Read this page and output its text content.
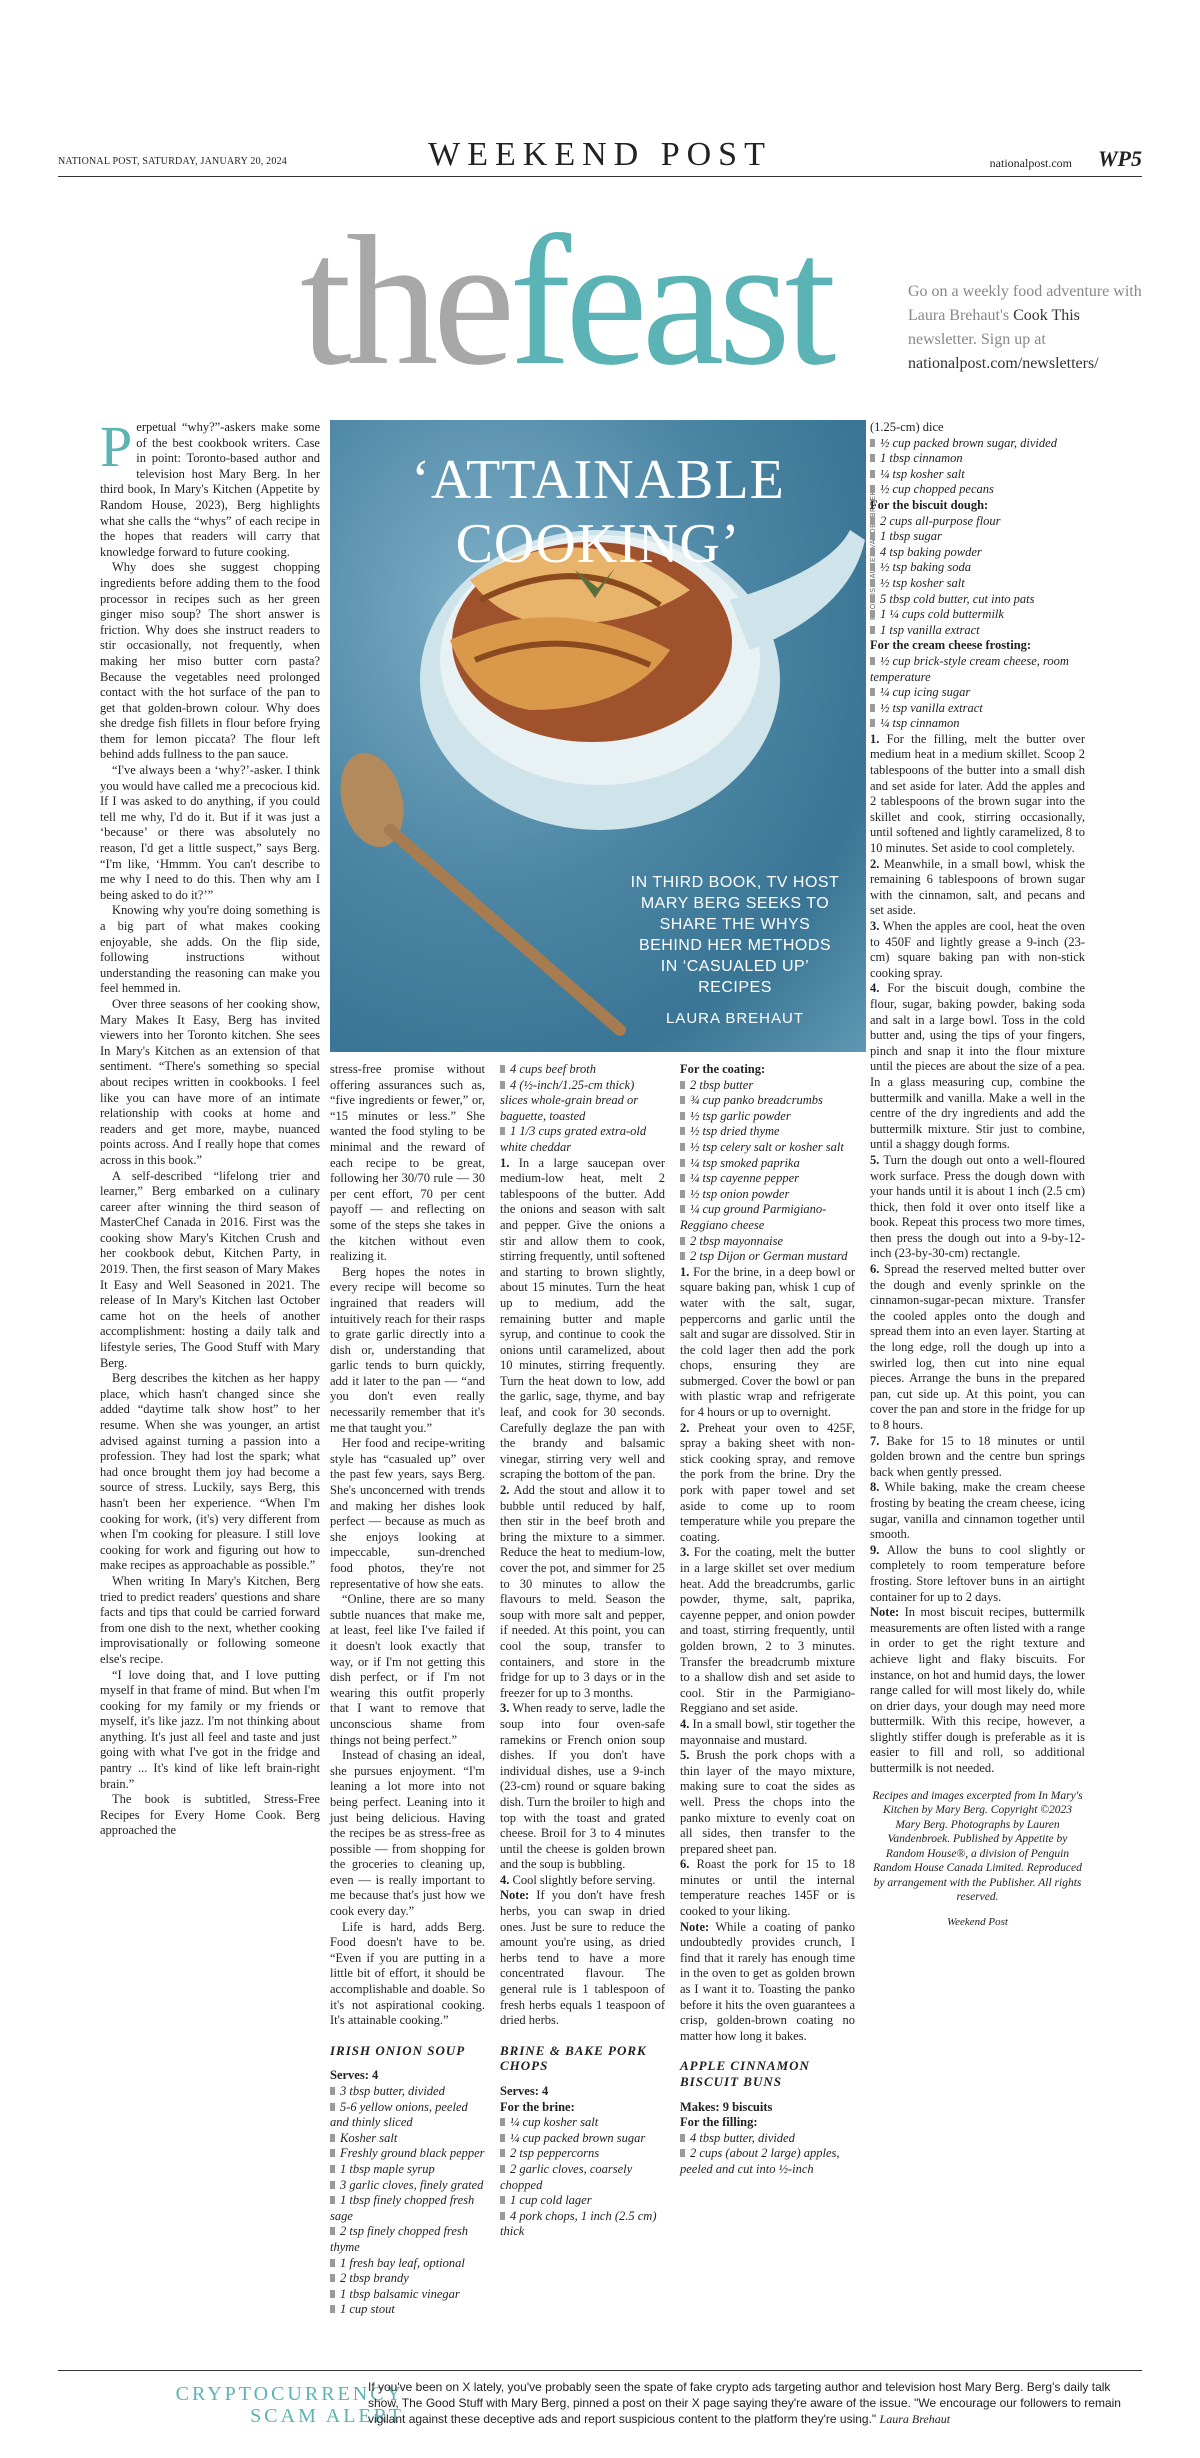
NATIONAL POST, SATURDAY, JANUARY 20, 2024	WEEKEND POST	nationalpost.com WP5
thefeast	Go on a weekly food adventure with Laura Brehaut's Cook This newsletter. Sign up at nationalpost.com/newsletters/
‘ATTAINABLE COOKING’
IN THIRD BOOK, TV HOST MARY BERG SEEKS TO SHARE THE WHYS BEHIND HER METHODS IN ‘CASUALED UP’ RECIPES
LAURA BREHAUT
PHOTOS: LAUREN VANDENBROEK

Perpetual “why?”-askers make some of the best cookbook writers. Case in point: Toronto-based author and television host Mary Berg. In her third book, In Mary's Kitchen (Appetite by Random House, 2023), Berg highlights what she calls the “whys” of each recipe in the hopes that readers will carry that knowledge forward to future cooking.

Why does she suggest chopping ingredients before adding them to the food processor in recipes such as her green ginger miso soup? The short answer is friction. Why does she instruct readers to stir occasionally, not frequently, when making her miso butter corn pasta? Because the vegetables need prolonged contact with the hot surface of the pan to get that golden-brown colour. Why does she dredge fish fillets in flour before frying them for lemon piccata? The flour left behind adds fullness to the pan sauce.

“I've always been a ‘why?’-asker. I think you would have called me a precocious kid. If I was asked to do anything, if you could tell me why, I'd do it. But if it was just a ‘because’ or there was absolutely no reason, I'd get a little suspect,” says Berg. “I'm like, ‘Hmmm. You can't describe to me why I need to do this. Then why am I being asked to do it?’”

Knowing why you're doing something is a big part of what makes cooking enjoyable, she adds. On the flip side, following instructions without understanding the reasoning can make you feel hemmed in.

Over three seasons of her cooking show, Mary Makes It Easy, Berg has invited viewers into her Toronto kitchen. She sees In Mary's Kitchen as an extension of that sentiment. “There's something so special about recipes written in cookbooks. I feel like you can have more of an intimate relationship with cooks at home and readers and get more, maybe, nuanced points across. And I really hope that comes across in this book.”

A self-described “lifelong trier and learner,” Berg embarked on a culinary career after winning the third season of MasterChef Canada in 2016. First was the cooking show Mary's Kitchen Crush and her cookbook debut, Kitchen Party, in 2019. Then, the first season of Mary Makes It Easy and Well Seasoned in 2021. The release of In Mary's Kitchen last October came hot on the heels of another accomplishment: hosting a daily talk and lifestyle series, The Good Stuff with Mary Berg.

Berg describes the kitchen as her happy place, which hasn't changed since she added “daytime talk show host” to her resume. When she was younger, an artist advised against turning a passion into a profession. They had lost the spark; what had once brought them joy had become a source of stress. Luckily, says Berg, this hasn't been her experience. “When I'm cooking for work, (it's) very different from when I'm cooking for pleasure. I still love cooking for work and figuring out how to make recipes as approachable as possible.”

When writing In Mary's Kitchen, Berg tried to predict readers' questions and share facts and tips that could be carried forward from one dish to the next, whether cooking improvisationally or following someone else's recipe.

“I love doing that, and I love putting myself in that frame of mind. But when I'm cooking for my family or my friends or myself, it's like jazz. I'm not thinking about anything. It's just all feel and taste and just going with what I've got in the fridge and pantry ... It's kind of like left brain-right brain.”

The book is subtitled, Stress-Free Recipes for Every Home Cook. Berg approached the

stress-free promise without offering assurances such as, “five ingredients or fewer,” or, “15 minutes or less.” She wanted the food styling to be minimal and the reward of each recipe to be great, following her 30/70 rule — 30 per cent effort, 70 per cent payoff — and reflecting on some of the steps she takes in the kitchen without even realizing it.

Berg hopes the notes in every recipe will become so ingrained that readers will intuitively reach for their rasps to grate garlic directly into a dish or, understanding that garlic tends to burn quickly, add it later to the pan — “and you don't even really necessarily remember that it's me that taught you.”

Her food and recipe-writing style has “casualed up” over the past few years, says Berg. She's unconcerned with trends and making her dishes look perfect — because as much as she enjoys looking at impeccable, sun-drenched food photos, they're not representative of how she eats.

“Online, there are so many subtle nuances that make me, at least, feel like I've failed if it doesn't look exactly that way, or if I'm not getting this dish perfect, or if I'm not wearing this outfit properly that I want to remove that unconscious shame from things not being perfect.”

Instead of chasing an ideal, she pursues enjoyment. “I'm leaning a lot more into not being perfect. Leaning into it just being delicious. Having the recipes be as stress-free as possible — from shopping for the groceries to cleaning up, even — is really important to me because that's just how we cook every day.”

Life is hard, adds Berg. Food doesn't have to be. “Even if you are putting in a little bit of effort, it should be accomplishable and doable. So it's not aspirational cooking. It's attainable cooking.”

IRISH ONION SOUP
Serves: 4
3 tbsp butter, divided
5-6 yellow onions, peeled and thinly sliced
Kosher salt
Freshly ground black pepper
1 tbsp maple syrup
3 garlic cloves, finely grated
1 tbsp finely chopped fresh sage
2 tsp finely chopped fresh thyme
1 fresh bay leaf, optional
2 tbsp brandy
1 tbsp balsamic vinegar
1 cup stout
4 cups beef broth
4 (½-inch/1.25-cm thick) slices whole-grain bread or baguette, toasted
1 1/3 cups grated extra-old white cheddar

1. In a large saucepan over medium-low heat, melt 2 tablespoons of the butter. Add the onions and season with salt and pepper. Give the onions a stir and allow them to cook, stirring frequently, until softened and starting to brown slightly, about 15 minutes. Turn the heat up to medium, add the remaining butter and maple syrup, and continue to cook the onions until caramelized, about 10 minutes, stirring frequently. Turn the heat down to low, add the garlic, sage, thyme, and bay leaf, and cook for 30 seconds. Carefully deglaze the pan with the brandy and balsamic vinegar, stirring very well and scraping the bottom of the pan.

2. Add the stout and allow it to bubble until reduced by half, then stir in the beef broth and bring the mixture to a simmer. Reduce the heat to medium-low, cover the pot, and simmer for 25 to 30 minutes to allow the flavours to meld. Season the soup with more salt and pepper, if needed. At this point, you can cool the soup, transfer to containers, and store in the fridge for up to 3 days or in the freezer for up to 3 months.

3. When ready to serve, ladle the soup into four oven-safe ramekins or French onion soup dishes. If you don't have individual dishes, use a 9-inch (23-cm) round or square baking dish. Turn the broiler to high and top with the toast and grated cheese. Broil for 3 to 4 minutes until the cheese is golden brown and the soup is bubbling.

4. Cool slightly before serving.

Note: If you don't have fresh herbs, you can swap in dried ones. Just be sure to reduce the amount you're using, as dried herbs tend to have a more concentrated flavour. The general rule is 1 tablespoon of fresh herbs equals 1 teaspoon of dried herbs.

BRINE & BAKE PORK CHOPS
Serves: 4
For the brine:
¼ cup kosher salt
¼ cup packed brown sugar
2 tsp peppercorns
2 garlic cloves, coarsely chopped
1 cup cold lager
4 pork chops, 1 inch (2.5 cm) thick
For the coating:
2 tbsp butter
¾ cup panko breadcrumbs
½ tsp garlic powder
½ tsp dried thyme
½ tsp celery salt or kosher salt
¼ tsp smoked paprika
¼ tsp cayenne pepper
½ tsp onion powder
¼ cup ground Parmigiano-Reggiano cheese
2 tbsp mayonnaise
2 tsp Dijon or German mustard

1. For the brine, in a deep bowl or square baking pan, whisk 1 cup of water with the salt, sugar, peppercorns and garlic until the salt and sugar are dissolved. Stir in the cold lager then add the pork chops, ensuring they are submerged. Cover the bowl or pan with plastic wrap and refrigerate for 4 hours or up to overnight.

2. Preheat your oven to 425F, spray a baking sheet with non-stick cooking spray, and remove the pork from the brine. Dry the pork with paper towel and set aside to come up to room temperature while you prepare the coating.

3. For the coating, melt the butter in a large skillet set over medium heat. Add the breadcrumbs, garlic powder, thyme, salt, paprika, cayenne pepper, and onion powder and toast, stirring frequently, until golden brown, 2 to 3 minutes. Transfer the breadcrumb mixture to a shallow dish and set aside to cool. Stir in the Parmigiano-Reggiano and set aside.

4. In a small bowl, stir together the mayonnaise and mustard.

5. Brush the pork chops with a thin layer of the mayo mixture, making sure to coat the sides as well. Press the chops into the panko mixture to evenly coat on all sides, then transfer to the prepared sheet pan.

6. Roast the pork for 15 to 18 minutes or until the internal temperature reaches 145F or is cooked to your liking.

Note: While a coating of panko undoubtedly provides crunch, I find that it rarely has enough time in the oven to get as golden brown as I want it to. Toasting the panko before it hits the oven guarantees a crisp, golden-brown coating no matter how long it bakes.

APPLE CINNAMON BISCUIT BUNS
Makes: 9 biscuits
For the filling:
4 tbsp butter, divided
2 cups (about 2 large) apples, peeled and cut into ½-inch
(1.25-cm) dice
½ cup packed brown sugar, divided
1 tbsp cinnamon
¼ tsp kosher salt
½ cup chopped pecans
For the biscuit dough:
2 cups all-purpose flour
1 tbsp sugar
4 tsp baking powder
½ tsp baking soda
½ tsp kosher salt
5 tbsp cold butter, cut into pats
1 ¼ cups cold buttermilk
1 tsp vanilla extract
For the cream cheese frosting:
½ cup brick-style cream cheese, room temperature
¼ cup icing sugar
½ tsp vanilla extract
¼ tsp cinnamon

1. For the filling, melt the butter over medium heat in a medium skillet. Scoop 2 tablespoons of the butter into a small dish and set aside for later. Add the apples and 2 tablespoons of the brown sugar into the skillet and cook, stirring occasionally, until softened and lightly caramelized, 8 to 10 minutes. Set aside to cool completely.

2. Meanwhile, in a small bowl, whisk the remaining 6 tablespoons of brown sugar with the cinnamon, salt, and pecans and set aside.

3. When the apples are cool, heat the oven to 450F and lightly grease a 9-inch (23-cm) square baking pan with non-stick cooking spray.

4. For the biscuit dough, combine the flour, sugar, baking powder, baking soda and salt in a large bowl. Toss in the cold butter and, using the tips of your fingers, pinch and snap it into the flour mixture until the pieces are about the size of a pea. In a glass measuring cup, combine the buttermilk and vanilla. Make a well in the centre of the dry ingredients and add the buttermilk mixture. Stir just to combine, until a shaggy dough forms.

5. Turn the dough out onto a well-floured work surface. Press the dough down with your hands until it is about 1 inch (2.5 cm) thick, then fold it over onto itself like a book. Repeat this process two more times, then press the dough out into a 9-by-12-inch (23-by-30-cm) rectangle.

6. Spread the reserved melted butter over the dough and evenly sprinkle on the cinnamon-sugar-pecan mixture. Transfer the cooled apples onto the dough and spread them into an even layer. Starting at the long edge, roll the dough up into a swirled log, then cut into nine equal pieces. Arrange the buns in the prepared pan, cut side up. At this point, you can cover the pan and store in the fridge for up to 8 hours.

7. Bake for 15 to 18 minutes or until golden brown and the centre bun springs back when gently pressed.

8. While baking, make the cream cheese frosting by beating the cream cheese, icing sugar, vanilla and cinnamon together until smooth.

9. Allow the buns to cool slightly or completely to room temperature before frosting. Store leftover buns in an airtight container for up to 2 days.

Note: In most biscuit recipes, buttermilk measurements are often listed with a range in order to get the right texture and achieve light and flaky biscuits. For instance, on hot and humid days, the lower range called for will most likely do, while on drier days, your dough may need more buttermilk. With this recipe, however, a slightly stiffer dough is preferable as it is easier to fill and roll, so additional buttermilk is not needed.

Recipes and images excerpted from In Mary's Kitchen by Mary Berg. Copyright ©2023 Mary Berg. Photographs by Lauren Vandenbroek. Published by Appetite by Random House®, a division of Penguin Random House Canada Limited. Reproduced by arrangement with the Publisher. All rights reserved.
Weekend Post
CRYPTOCURRENCY
SCAM ALERT
If you've been on X lately, you've probably seen the spate of fake crypto ads targeting author and television host Mary Berg. Berg's daily talk show, The Good Stuff with Mary Berg, pinned a post on their X page saying they're aware of the issue. "We encourage our followers to remain vigilant against these deceptive ads and report suspicious content to the platform they're using." Laura Brehaut
